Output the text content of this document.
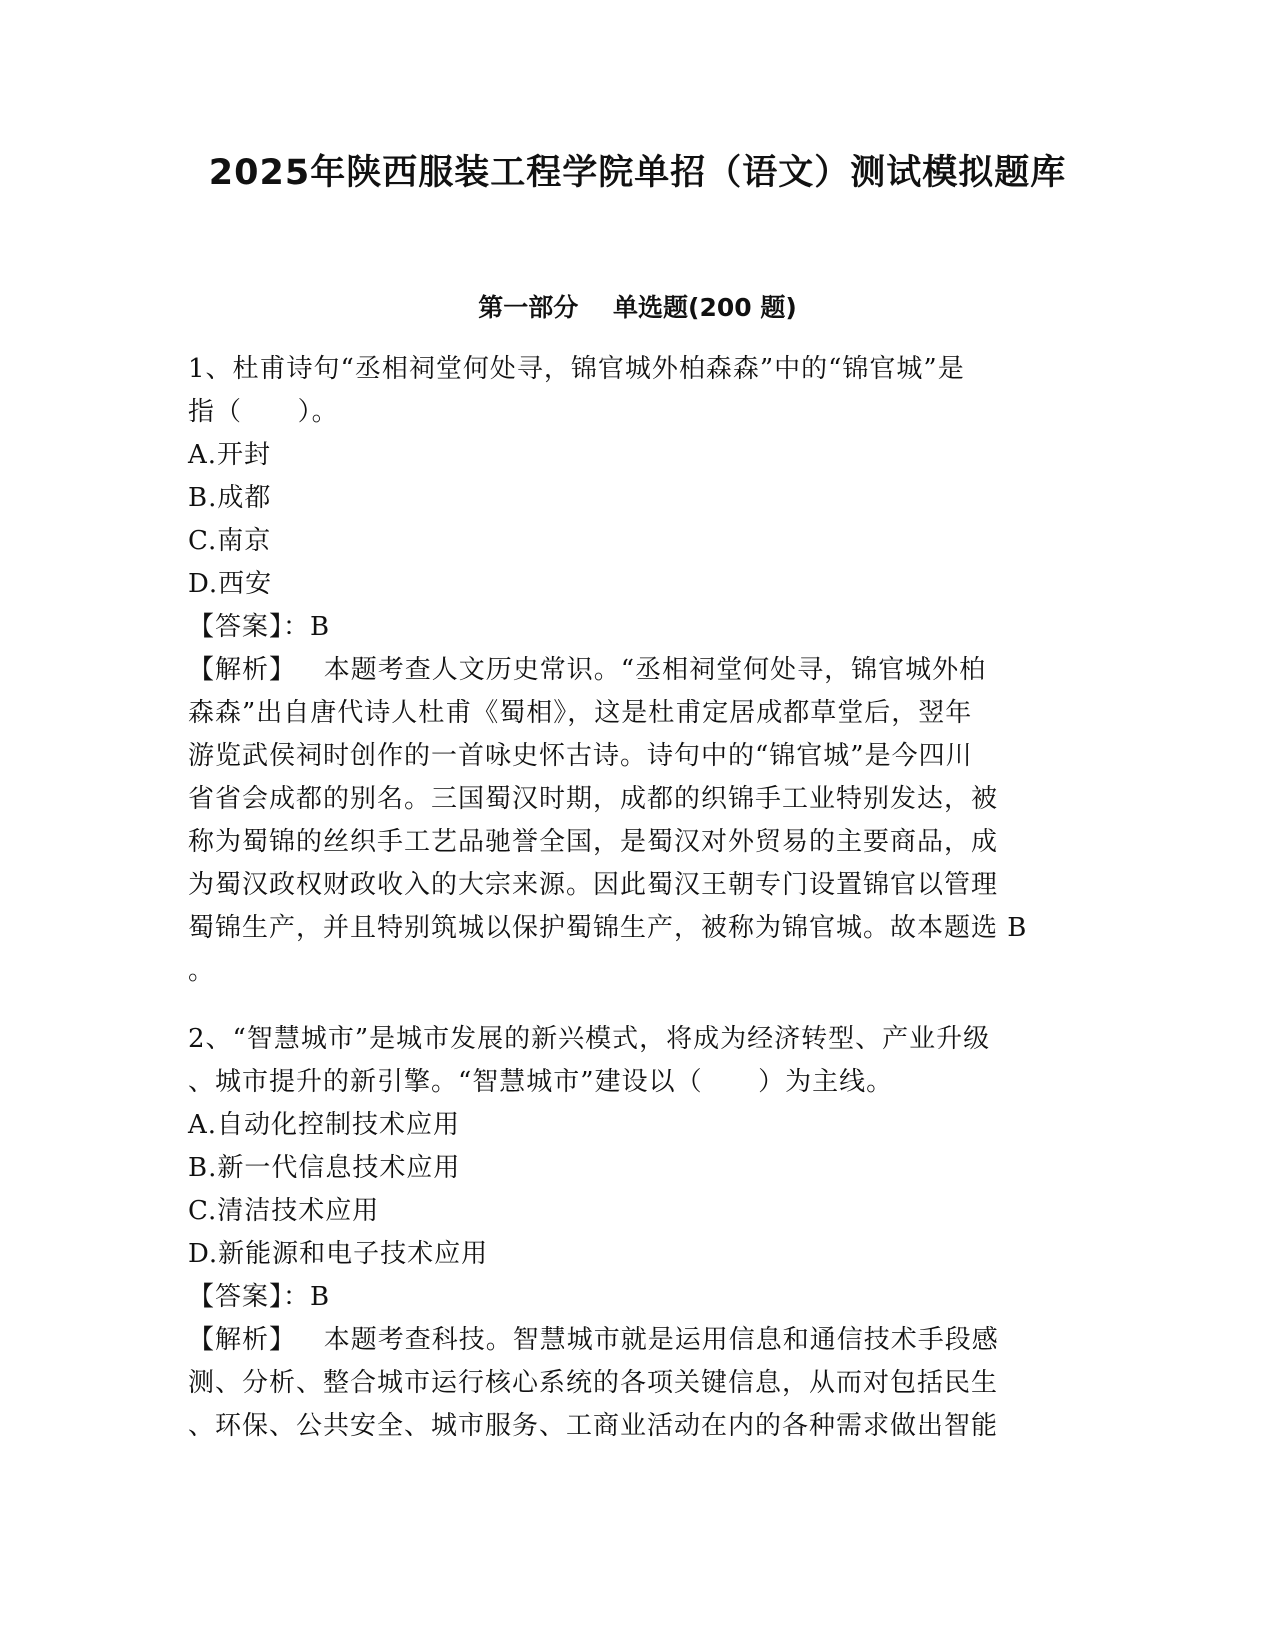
2025年陕西服装工程学院单招（语文）测试模拟题库
第一部分    单选题(200 题)
1、杜甫诗句“丞相祠堂何处寻，锦官城外柏森森”中的“锦官城”是
指（      ）。
A.开封
B.成都
C.南京
D.西安
【答案】：B
【解析】   本题考查人文历史常识。“丞相祠堂何处寻，锦官城外柏
森森”出自唐代诗人杜甫《蜀相》，这是杜甫定居成都草堂后，翌年
游览武侯祠时创作的一首咏史怀古诗。诗句中的“锦官城”是今四川
省省会成都的别名。三国蜀汉时期，成都的织锦手工业特别发达，被
称为蜀锦的丝织手工艺品驰誉全国，是蜀汉对外贸易的主要商品，成
为蜀汉政权财政收入的大宗来源。因此蜀汉王朝专门设置锦官以管理
蜀锦生产，并且特别筑城以保护蜀锦生产，被称为锦官城。故本题选 B
。
2、“智慧城市”是城市发展的新兴模式，将成为经济转型、产业升级
、城市提升的新引擎。“智慧城市”建设以（      ）为主线。
A.自动化控制技术应用
B.新一代信息技术应用
C.清洁技术应用
D.新能源和电子技术应用
【答案】：B
【解析】   本题考查科技。智慧城市就是运用信息和通信技术手段感
测、分析、整合城市运行核心系统的各项关键信息，从而对包括民生
、环保、公共安全、城市服务、工商业活动在内的各种需求做出智能
